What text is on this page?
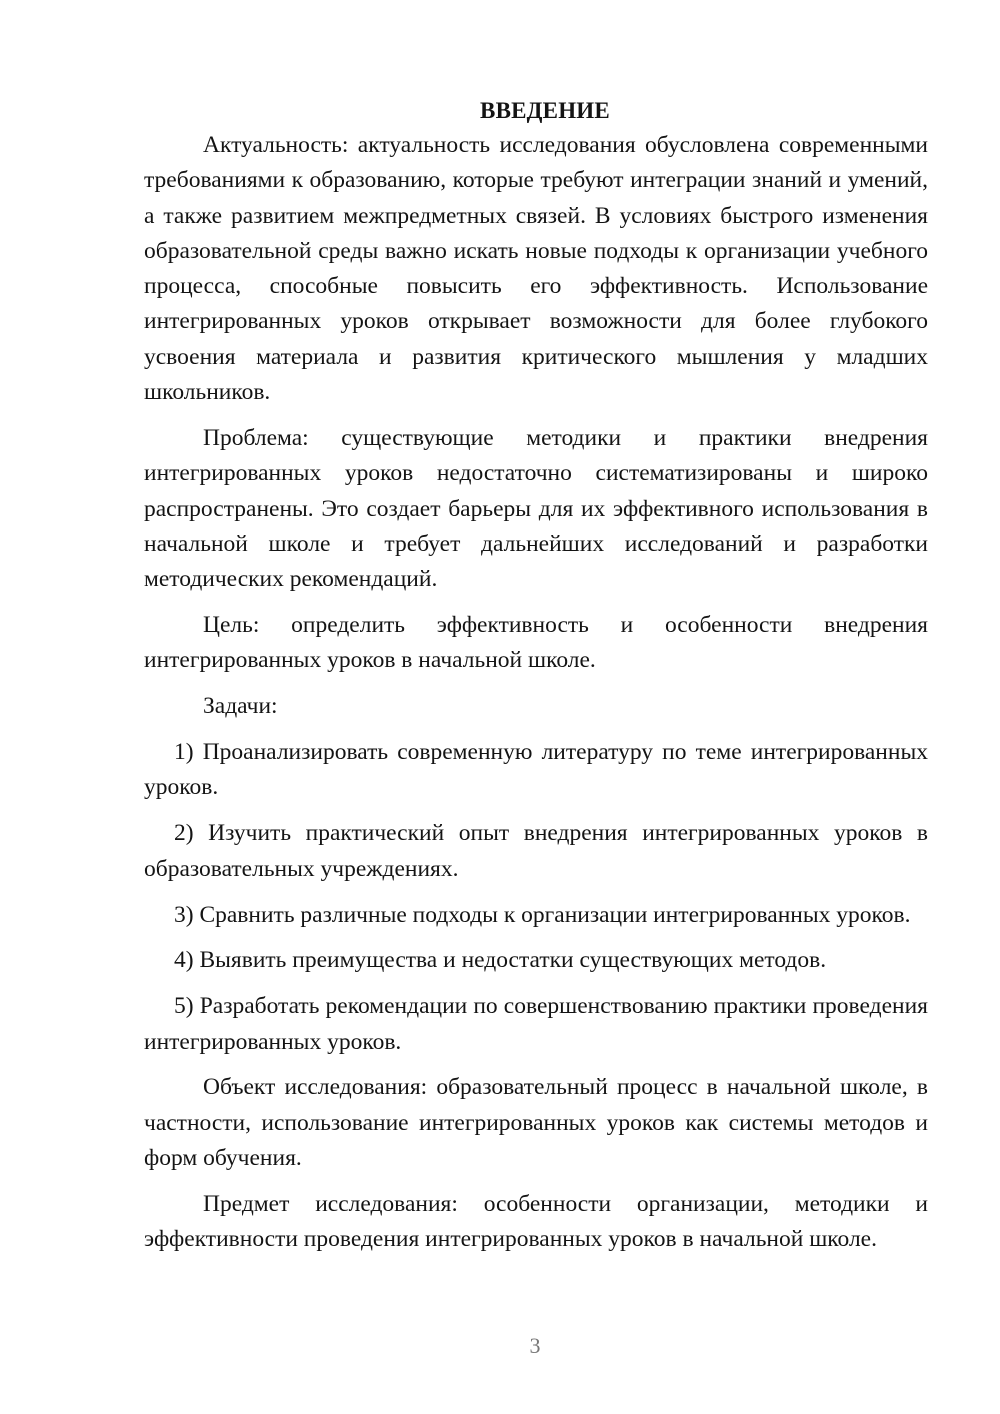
ВВЕДЕНИЕ

Актуальность: актуальность исследования обусловлена современными требованиями к образованию, которые требуют интеграции знаний и умений, а также развитием межпредметных связей. В условиях быстрого изменения образовательной среды важно искать новые подходы к организации учебного процесса, способные повысить его эффективность. Использование интегрированных уроков открывает возможности для более глубокого усвоения материала и развития критического мышления у младших школьников.

Проблема: существующие методики и практики внедрения интегрированных уроков недостаточно систематизированы и широко распространены. Это создает барьеры для их эффективного использования в начальной школе и требует дальнейших исследований и разработки методических рекомендаций.

Цель: определить эффективность и особенности внедрения интегрированных уроков в начальной школе.

Задачи:

1) Проанализировать современную литературу по теме интегрированных уроков.

2) Изучить практический опыт внедрения интегрированных уроков в образовательных учреждениях.

3) Сравнить различные подходы к организации интегрированных уроков.

4) Выявить преимущества и недостатки существующих методов.

5) Разработать рекомендации по совершенствованию практики проведения интегрированных уроков.

Объект исследования: образовательный процесс в начальной школе, в частности, использование интегрированных уроков как системы методов и форм обучения.

Предмет исследования: особенности организации, методики и эффективности проведения интегрированных уроков в начальной школе.

3
